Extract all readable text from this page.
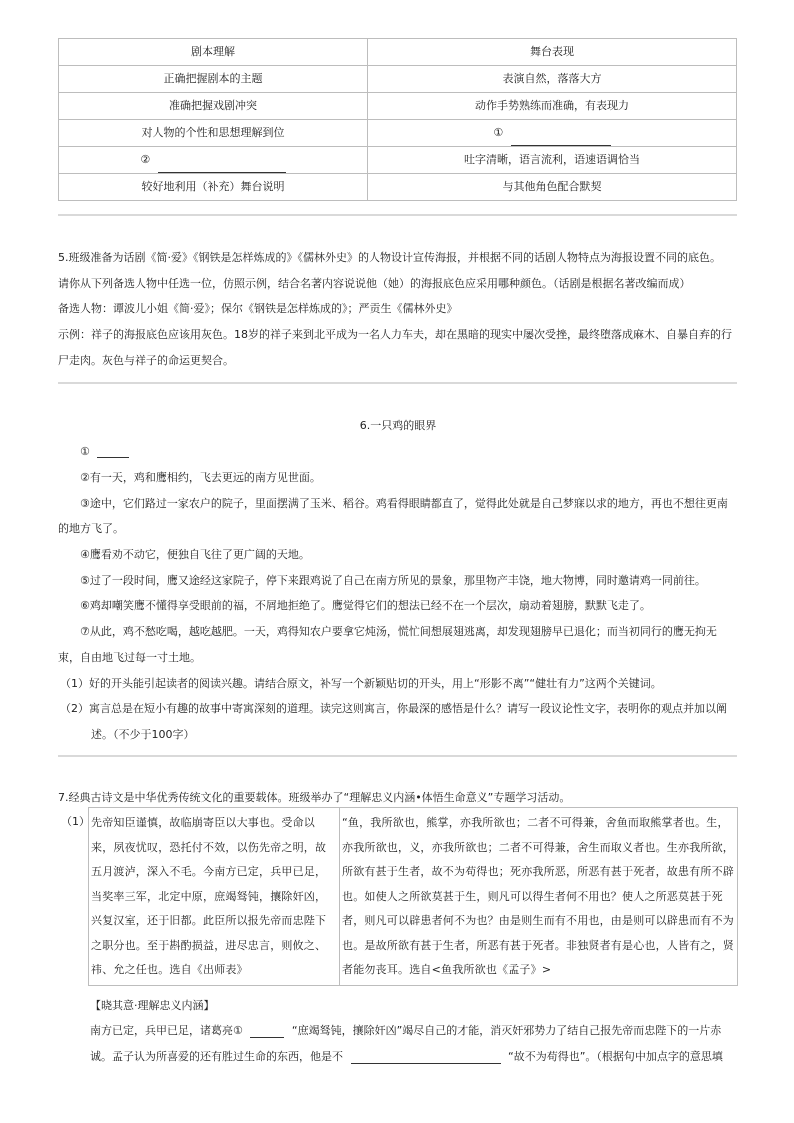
剧本理解	舞台表现
正确把握剧本的主题	表演自然，落落大方
准确把握戏剧冲突	动作手势熟练而准确，有表现力
对人物的个性和思想理解到位	①
②	吐字清晰，语言流利，语速语调恰当
较好地利用（补充）舞台说明	与其他角色配合默契
5.班级准备为话剧《简·爱》《钢铁是怎样炼成的》《儒林外史》的人物设计宣传海报，并根据不同的话剧人物特点为海报设置不同的底色。
请你从下列备选人物中任选一位，仿照示例，结合名著内容说说他（她）的海报底色应采用哪种颜色。（话剧是根据名著改编而成）
备选人物：谭波儿小姐《简·爱》；保尔《钢铁是怎样炼成的》；严贡生《儒林外史》
示例：祥子的海报底色应该用灰色。18岁的祥子来到北平成为一名人力车夫，却在黑暗的现实中屡次受挫，最终堕落成麻木、自暴自弃的行
尸走肉。灰色与祥子的命运更契合。
6.一只鸡的眼界
①
②有一天，鸡和鹰相约，飞去更远的南方见世面。
③途中，它们路过一家农户的院子，里面摆满了玉米、稻谷。鸡看得眼睛都直了，觉得此处就是自己梦寐以求的地方，再也不想往更南
的地方飞了。
④鹰看劝不动它，便独自飞往了更广阔的天地。
⑤过了一段时间，鹰又途经这家院子，停下来跟鸡说了自己在南方所见的景象，那里物产丰饶，地大物博，同时邀请鸡一同前往。
⑥鸡却嘲笑鹰不懂得享受眼前的福，不屑地拒绝了。鹰觉得它们的想法已经不在一个层次，扇动着翅膀，默默飞走了。
⑦从此，鸡不愁吃喝，越吃越肥。一天，鸡得知农户要拿它炖汤，慌忙间想展翅逃离，却发现翅膀早已退化；而当初同行的鹰无拘无
束，自由地飞过每一寸土地。
（1）好的开头能引起读者的阅读兴趣。请结合原文，补写一个新颖贴切的开头，用上“形影不离”“健壮有力”这两个关键词。
（2）寓言总是在短小有趣的故事中寄寓深刻的道理。读完这则寓言，你最深的感悟是什么？请写一段议论性文字，表明你的观点并加以阐
述。（不少于100字）
7.经典古诗文是中华优秀传统文化的重要载体。班级举办了“理解忠义内涵•体悟生命意义”专题学习活动。
（1） 先帝知臣谨慎，故临崩寄臣以大事也。受命以来，夙夜忧叹，恐托付不效，以伤先帝之明，故五月渡泸，深入不毛。今南方已定，兵甲已足，当奖率三军，北定中原，庶竭驽钝，攘除奸凶，兴复汉室，还于旧都。此臣所以报先帝而忠陛下之职分也。至于斟酌损益，进尽忠言，则攸之、祎、允之任也。选自《出师表》	“鱼，我所欲也，熊掌，亦我所欲也；二者不可得兼，舍鱼而取熊掌者也。生，亦我所欲也，义，亦我所欲也；二者不可得兼，舍生而取义者也。生亦我所欲，所欲有甚于生者，故不为苟得也；死亦我所恶，所恶有甚于死者，故患有所不辟也。如使人之所欲莫甚于生，则凡可以得生者何不用也？使人之所恶莫甚于死者，则凡可以辟患者何不为也？由是则生而有不用也，由是则可以辟患而有不为也。是故所欲有甚于生者，所恶有甚于死者。非独贤者有是心也，人皆有之，贤者能勿丧耳。选自<鱼我所欲也《孟子》>
【晓其意·理解忠义内涵】
南方已定，兵甲已足，诸葛亮①	“庶竭驽钝，攘除奸凶”竭尽自己的才能，消灭奸邪势力了结自己报先帝而忠陛下的一片赤
诚。孟子认为所喜爱的还有胜过生命的东西，他是不	“故不为苟得也”。（根据句中加点字的意思填
